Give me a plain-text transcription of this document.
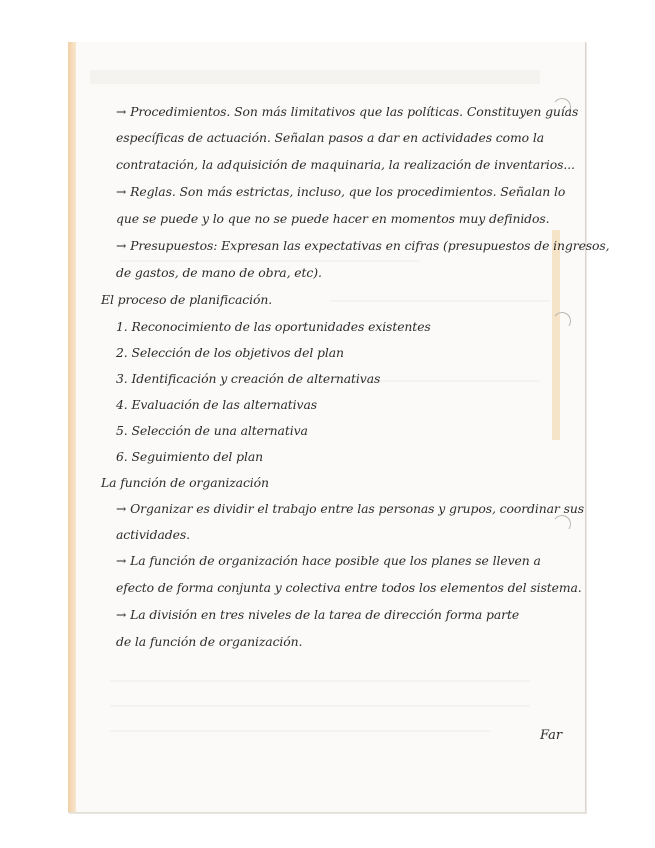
→ Procedimientos. Son más limitativos que las políticas. Constituyen guías

específicas de actuación. Señalan pasos a dar en actividades como la

contratación, la adquisición de maquinaria, la realización de inventarios...

→ Reglas. Son más estrictas, incluso, que los procedimientos. Señalan lo

que se puede y lo que no se puede hacer en momentos muy definidos.

→ Presupuestos: Expresan las expectativas en cifras (presupuestos de ingresos,

de gastos, de mano de obra, etc).

El proceso de planificación.

1. Reconocimiento de las oportunidades existentes

2. Selección de los objetivos del plan

3. Identificación y creación de alternativas

4. Evaluación de las alternativas

5. Selección de una alternativa

6. Seguimiento del plan

La función de organización

→ Organizar es dividir el trabajo entre las personas y grupos, coordinar sus

actividades.

→ La función de organización hace posible que los planes se lleven a

efecto de forma conjunta y colectiva entre todos los elementos del sistema.

→ La división en tres niveles de la tarea de dirección forma parte

de la función de organización.

Far
